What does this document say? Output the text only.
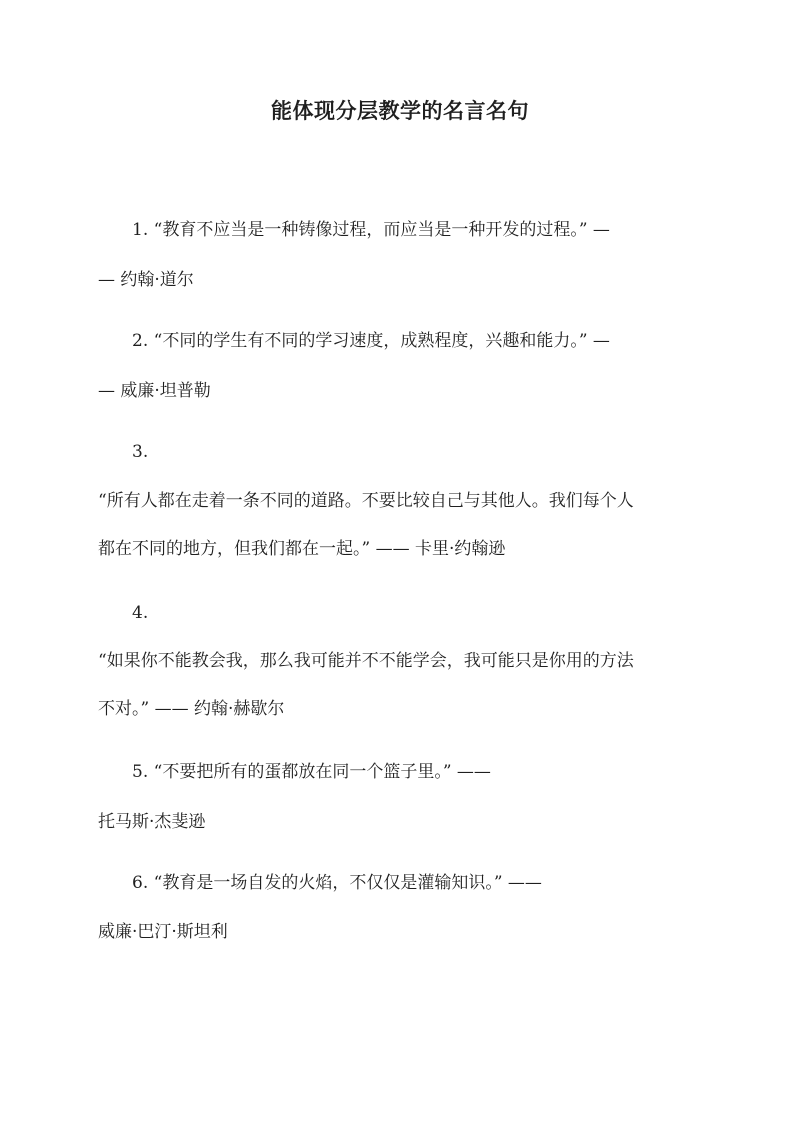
能体现分层教学的名言名句
1. “教育不应当是一种铸像过程，而应当是一种开发的过程。” —
— 约翰·道尔
2. “不同的学生有不同的学习速度，成熟程度，兴趣和能力。” —
— 威廉·坦普勒
3.
“所有人都在走着一条不同的道路。不要比较自己与其他人。我们每个人
都在不同的地方，但我们都在一起。” —— 卡里·约翰逊
4.
“如果你不能教会我，那么我可能并不不能学会，我可能只是你用的方法
不对。” —— 约翰·赫歇尔
5. “不要把所有的蛋都放在同一个篮子里。” ——
托马斯·杰斐逊
6. “教育是一场自发的火焰，不仅仅是灌输知识。” ——
威廉·巴汀·斯坦利
